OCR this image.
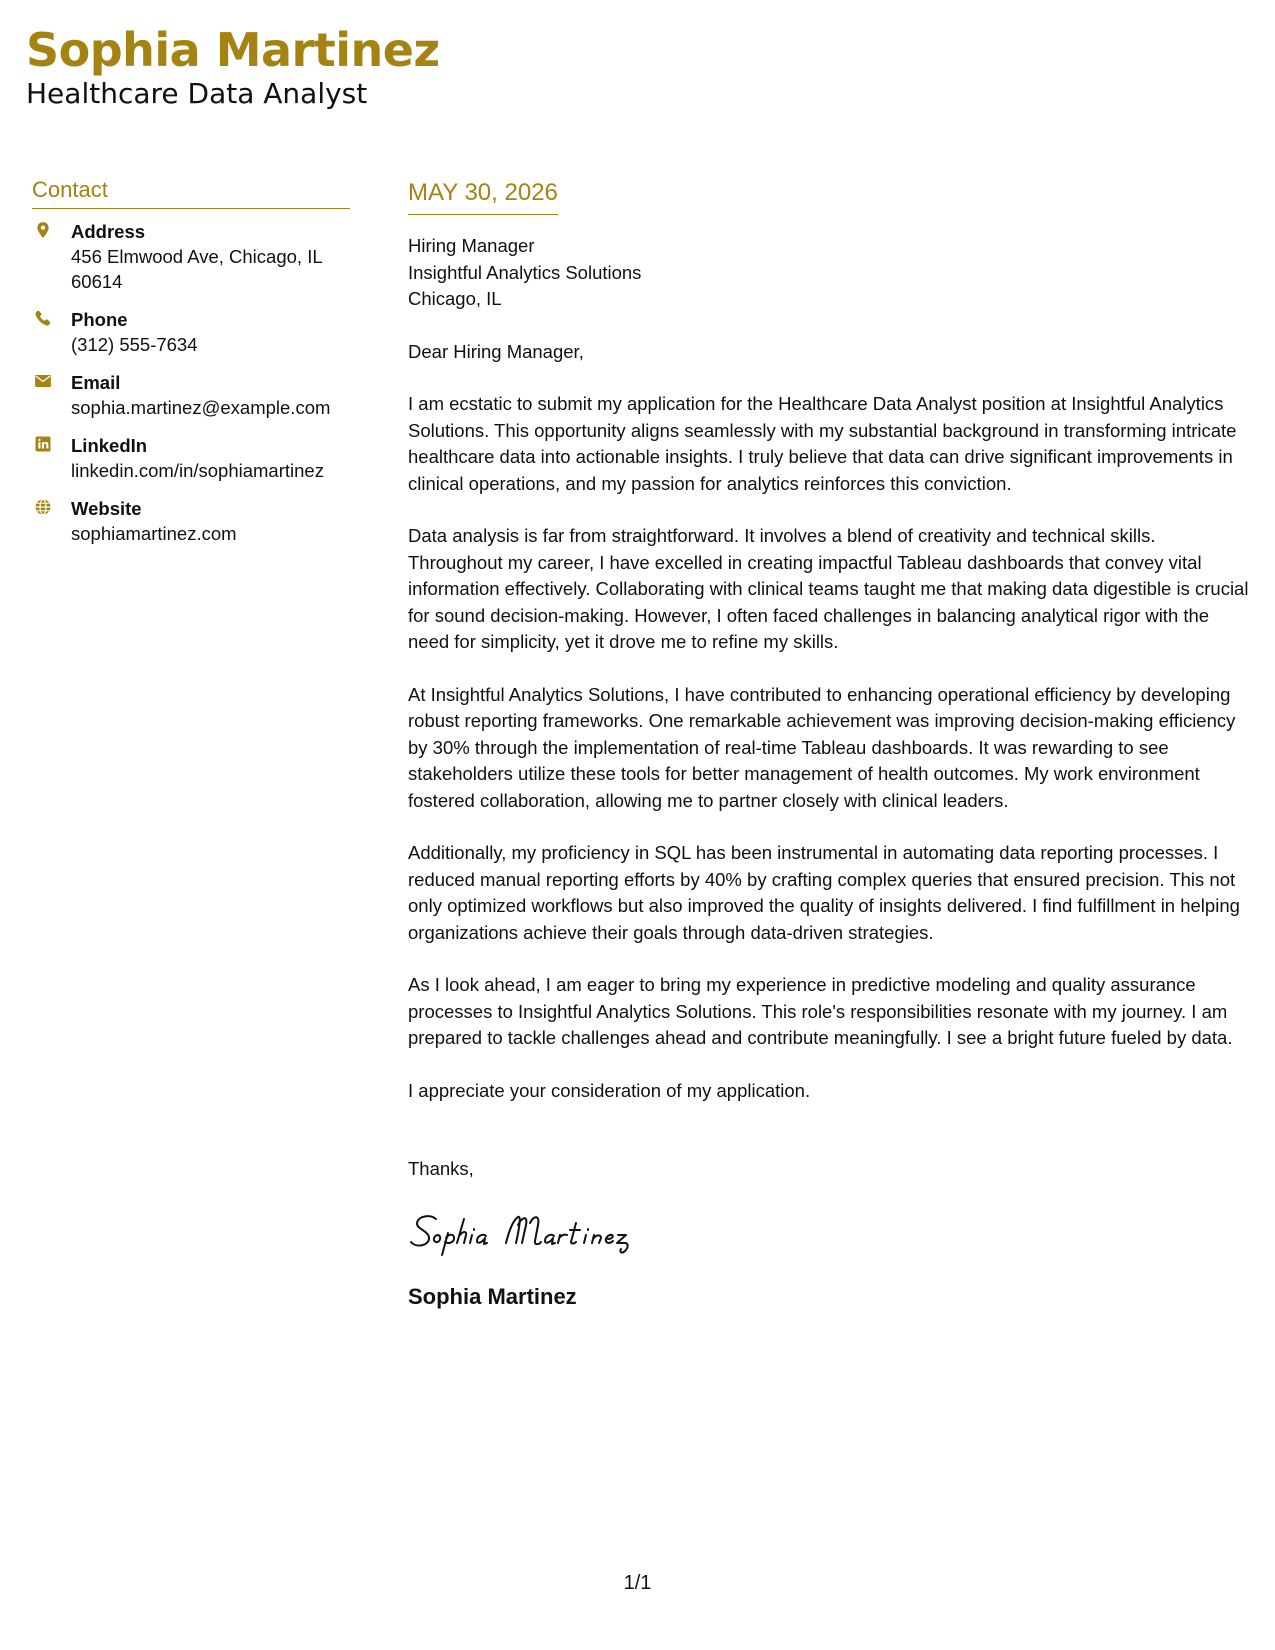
Sophia Martinez
Healthcare Data Analyst
Contact
Address
456 Elmwood Ave, Chicago, IL
60614
Phone
(312) 555-7634
Email
sophia.martinez@example.com
LinkedIn
linkedin.com/in/sophiamartinez
Website
sophiamartinez.com
MAY 30, 2026
Hiring Manager
Insightful Analytics Solutions
Chicago, IL
Dear Hiring Manager,

I am ecstatic to submit my application for the Healthcare Data Analyst position at Insightful Analytics Solutions. This opportunity aligns seamlessly with my substantial background in transforming intricate healthcare data into actionable insights. I truly believe that data can drive significant improvements in clinical operations, and my passion for analytics reinforces this conviction.

Data analysis is far from straightforward. It involves a blend of creativity and technical skills. Throughout my career, I have excelled in creating impactful Tableau dashboards that convey vital information effectively. Collaborating with clinical teams taught me that making data digestible is crucial for sound decision-making. However, I often faced challenges in balancing analytical rigor with the need for simplicity, yet it drove me to refine my skills.

At Insightful Analytics Solutions, I have contributed to enhancing operational efficiency by developing robust reporting frameworks. One remarkable achievement was improving decision-making efficiency by 30% through the implementation of real-time Tableau dashboards. It was rewarding to see stakeholders utilize these tools for better management of health outcomes. My work environment fostered collaboration, allowing me to partner closely with clinical leaders.

Additionally, my proficiency in SQL has been instrumental in automating data reporting processes. I reduced manual reporting efforts by 40% by crafting complex queries that ensured precision. This not only optimized workflows but also improved the quality of insights delivered. I find fulfillment in helping organizations achieve their goals through data-driven strategies.

As I look ahead, I am eager to bring my experience in predictive modeling and quality assurance processes to Insightful Analytics Solutions. This role's responsibilities resonate with my journey. I am prepared to tackle challenges ahead and contribute meaningfully. I see a bright future fueled by data.

I appreciate your consideration of my application.

Thanks,
Sophia Martinez
Sophia Martinez
1/1
